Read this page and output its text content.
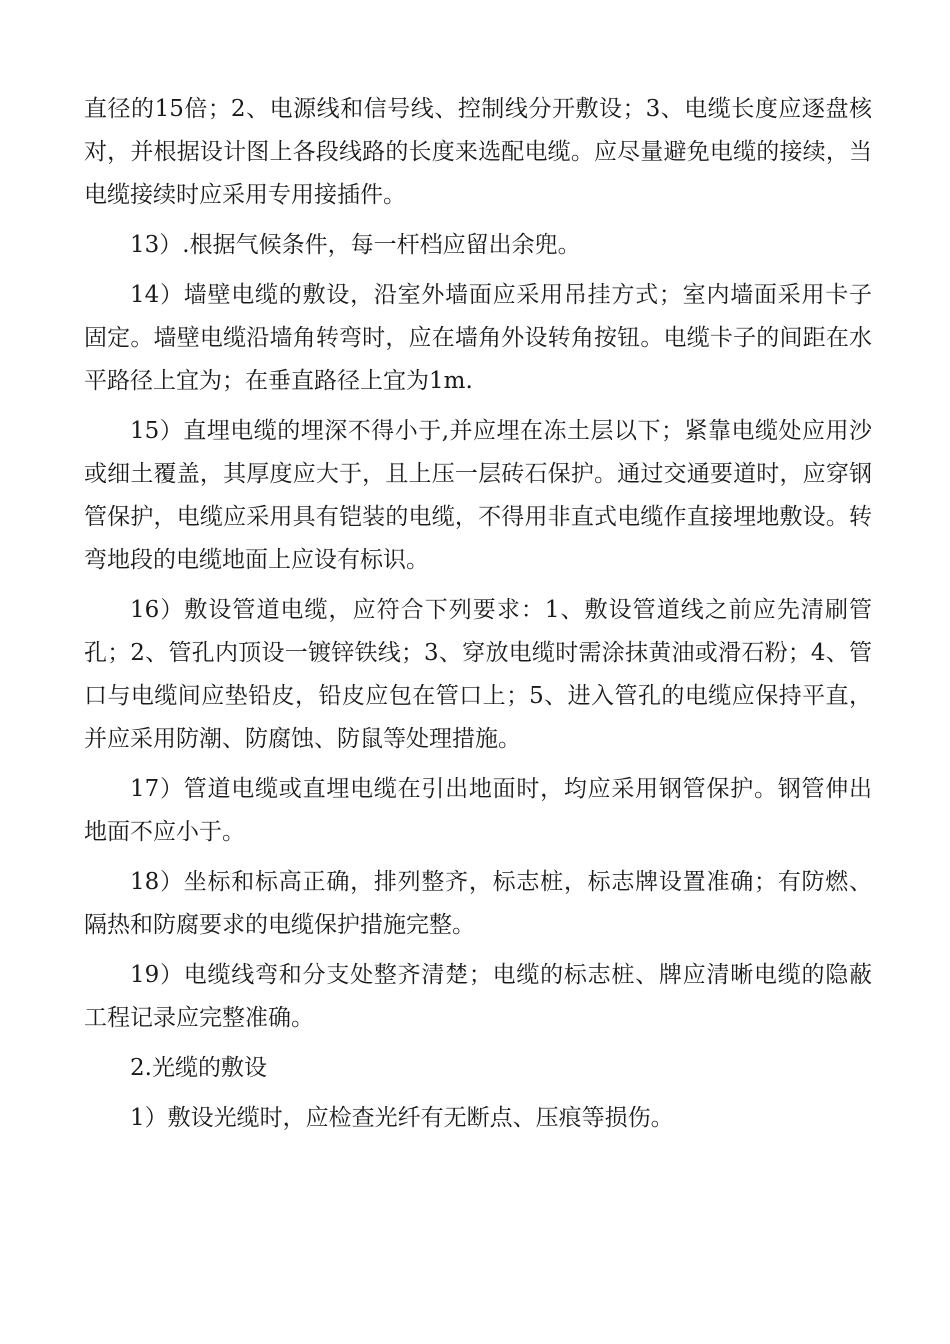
直径的15倍；2、电源线和信号线、控制线分开敷设；3、电缆长度应逐盘核对，并根据设计图上各段线路的长度来选配电缆。应尽量避免电缆的接续，当电缆接续时应采用专用接插件。

13）.根据气候条件，每一杆档应留出余兜。

14）墙壁电缆的敷设，沿室外墙面应采用吊挂方式；室内墙面采用卡子固定。墙壁电缆沿墙角转弯时，应在墙角外设转角按钮。电缆卡子的间距在水平路径上宜为；在垂直路径上宜为1m.

15）直埋电缆的埋深不得小于,并应埋在冻土层以下；紧靠电缆处应用沙或细土覆盖，其厚度应大于，且上压一层砖石保护。通过交通要道时，应穿钢管保护，电缆应采用具有铠装的电缆，不得用非直式电缆作直接埋地敷设。转弯地段的电缆地面上应设有标识。

16）敷设管道电缆，应符合下列要求：1、敷设管道线之前应先清刷管孔；2、管孔内顶设一镀锌铁线；3、穿放电缆时需涂抹黄油或滑石粉；4、管口与电缆间应垫铅皮，铅皮应包在管口上；5、进入管孔的电缆应保持平直，并应采用防潮、防腐蚀、防鼠等处理措施。

17）管道电缆或直埋电缆在引出地面时，均应采用钢管保护。钢管伸出地面不应小于。

18）坐标和标高正确，排列整齐，标志桩，标志牌设置准确；有防燃、隔热和防腐要求的电缆保护措施完整。

19）电缆线弯和分支处整齐清楚；电缆的标志桩、牌应清晰电缆的隐蔽工程记录应完整准确。

2.光缆的敷设

1）敷设光缆时，应检查光纤有无断点、压痕等损伤。
